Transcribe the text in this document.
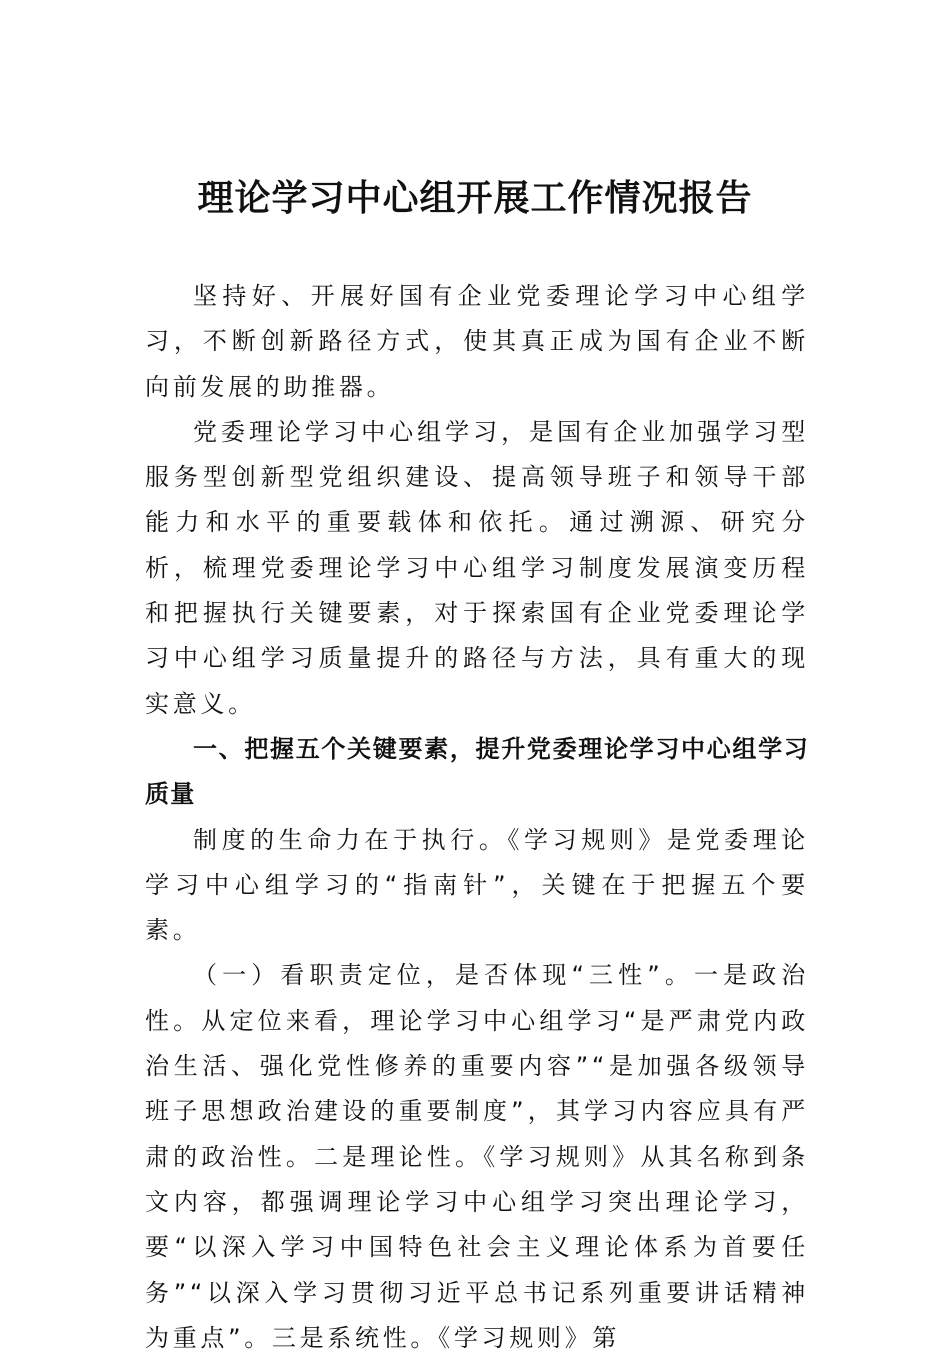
理论学习中心组开展工作情况报告

坚持好、开展好国有企业党委理论学习中心组学习，不断创新路径方式，使其真正成为国有企业不断向前发展的助推器。

党委理论学习中心组学习，是国有企业加强学习型服务型创新型党组织建设、提高领导班子和领导干部能力和水平的重要载体和依托。通过溯源、研究分析，梳理党委理论学习中心组学习制度发展演变历程和把握执行关键要素，对于探索国有企业党委理论学习中心组学习质量提升的路径与方法，具有重大的现实意义。

一、把握五个关键要素，提升党委理论学习中心组学习质量

制度的生命力在于执行。《学习规则》是党委理论学习中心组学习的“指南针”，关键在于把握五个要素。

（一）看职责定位，是否体现“三性”。一是政治性。从定位来看，理论学习中心组学习“是严肃党内政治生活、强化党性修养的重要内容”“是加强各级领导班子思想政治建设的重要制度”，其学习内容应具有严肃的政治性。二是理论性。《学习规则》从其名称到条文内容，都强调理论学习中心组学习突出理论学习，要“以深入学习中国特色社会主义理论体系为首要任务”“以深入学习贯彻习近平总书记系列重要讲话精神为重点”。三是系统性。《学习规则》第
